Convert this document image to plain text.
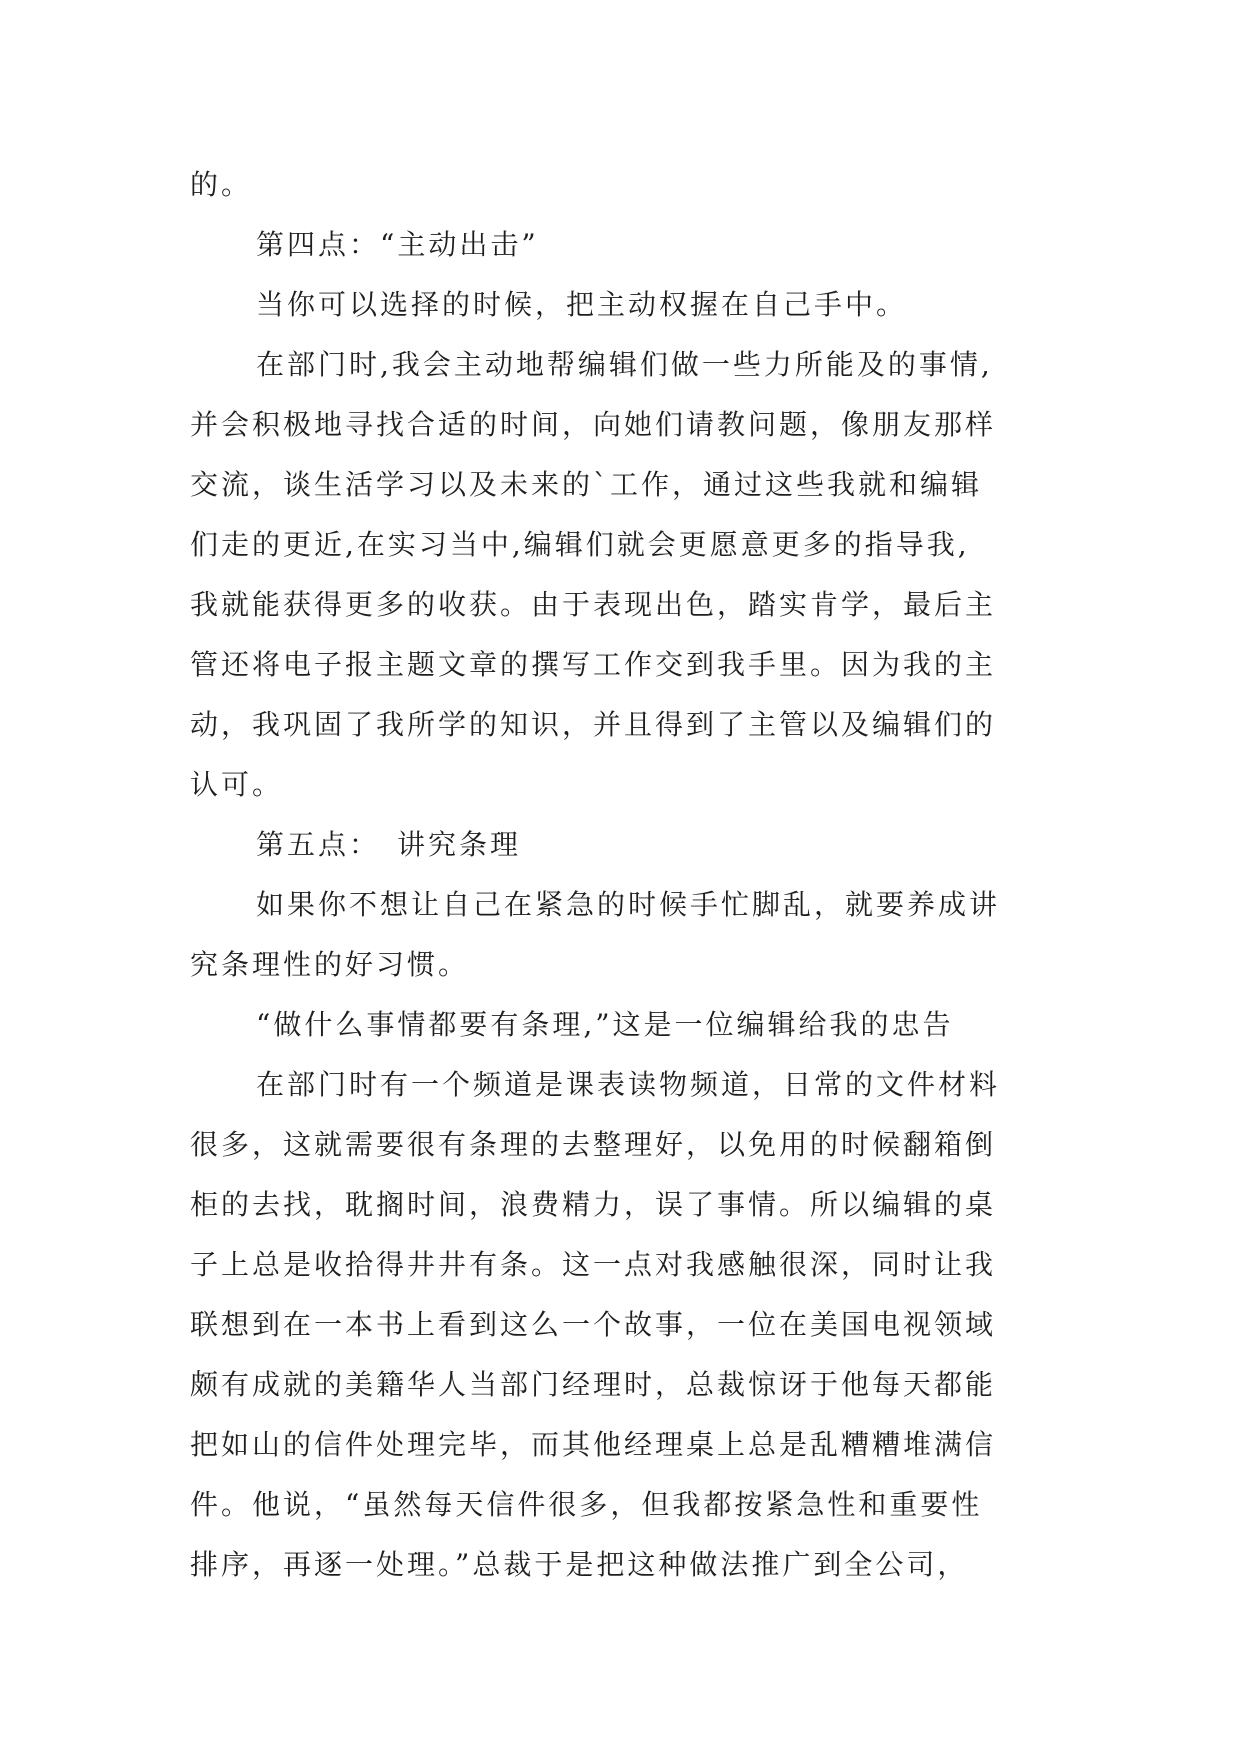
的。
第四点：“主动出击”
当你可以选择的时候，把主动权握在自己手中。
在部门时,我会主动地帮编辑们做一些力所能及的事情,
并会积极地寻找合适的时间，向她们请教问题，像朋友那样
交流，谈生活学习以及未来的`工作，通过这些我就和编辑
们走的更近,在实习当中,编辑们就会更愿意更多的指导我,
我就能获得更多的收获。由于表现出色，踏实肯学，最后主
管还将电子报主题文章的撰写工作交到我手里。因为我的主
动，我巩固了我所学的知识，并且得到了主管以及编辑们的
认可。
第五点：　讲究条理
如果你不想让自己在紧急的时候手忙脚乱，就要养成讲
究条理性的好习惯。
“做什么事情都要有条理,”这是一位编辑给我的忠告
在部门时有一个频道是课表读物频道，日常的文件材料
很多，这就需要很有条理的去整理好，以免用的时候翻箱倒
柜的去找，耽搁时间，浪费精力，误了事情。所以编辑的桌
子上总是收拾得井井有条。这一点对我感触很深，同时让我
联想到在一本书上看到这么一个故事，一位在美国电视领域
颇有成就的美籍华人当部门经理时，总裁惊讶于他每天都能
把如山的信件处理完毕，而其他经理桌上总是乱糟糟堆满信
件。他说，“虽然每天信件很多，但我都按紧急性和重要性
排序，再逐一处理。”总裁于是把这种做法推广到全公司，
